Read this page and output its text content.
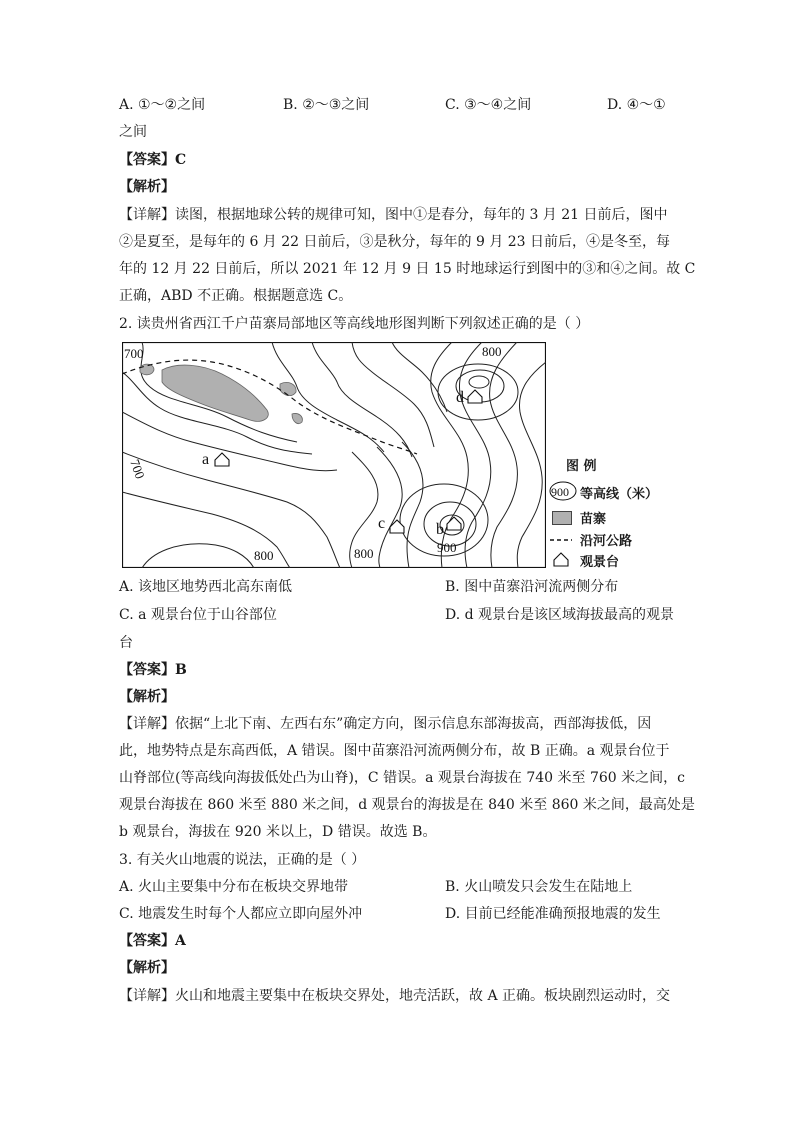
A. ①～②之间	B. ②～③之间	C. ③～④之间	D. ④～①
之间
【答案】C
【解析】
【详解】读图，根据地球公转的规律可知，图中①是春分，每年的 3 月 21 日前后，图中
②是夏至，是每年的 6 月 22 日前后，③是秋分，每年的 9 月 23 日前后，④是冬至，每
年的 12 月 22 日前后，所以 2021 年 12 月 9 日 15 时地球运行到图中的③和④之间。故 C
正确，ABD 不正确。根据题意选 C。
2. 读贵州省西江千户苗寨局部地区等高线地形图判断下列叙述正确的是（ ）
700	800
700
800	800	900
a
b
c
d
图 例
900 等高线（米）
苗寨
沿河公路
观景台
A. 该地区地势西北高东南低	B. 图中苗寨沿河流两侧分布
C. a 观景台位于山谷部位	D. d 观景台是该区域海拔最高的观景
台
【答案】B
【解析】
【详解】依据“上北下南、左西右东”确定方向，图示信息东部海拔高，西部海拔低，因
此，地势特点是东高西低，A 错误。图中苗寨沿河流两侧分布，故 B 正确。a 观景台位于
山脊部位(等高线向海拔低处凸为山脊)，C 错误。a 观景台海拔在 740 米至 760 米之间，c
观景台海拔在 860 米至 880 米之间，d 观景台的海拔是在 840 米至 860 米之间，最高处是
b 观景台，海拔在 920 米以上，D 错误。故选 B。
3. 有关火山地震的说法，正确的是（ ）
A. 火山主要集中分布在板块交界地带	B. 火山喷发只会发生在陆地上
C. 地震发生时每个人都应立即向屋外冲	D. 目前已经能准确预报地震的发生
【答案】A
【解析】
【详解】火山和地震主要集中在板块交界处，地壳活跃，故 A 正确。板块剧烈运动时，交
